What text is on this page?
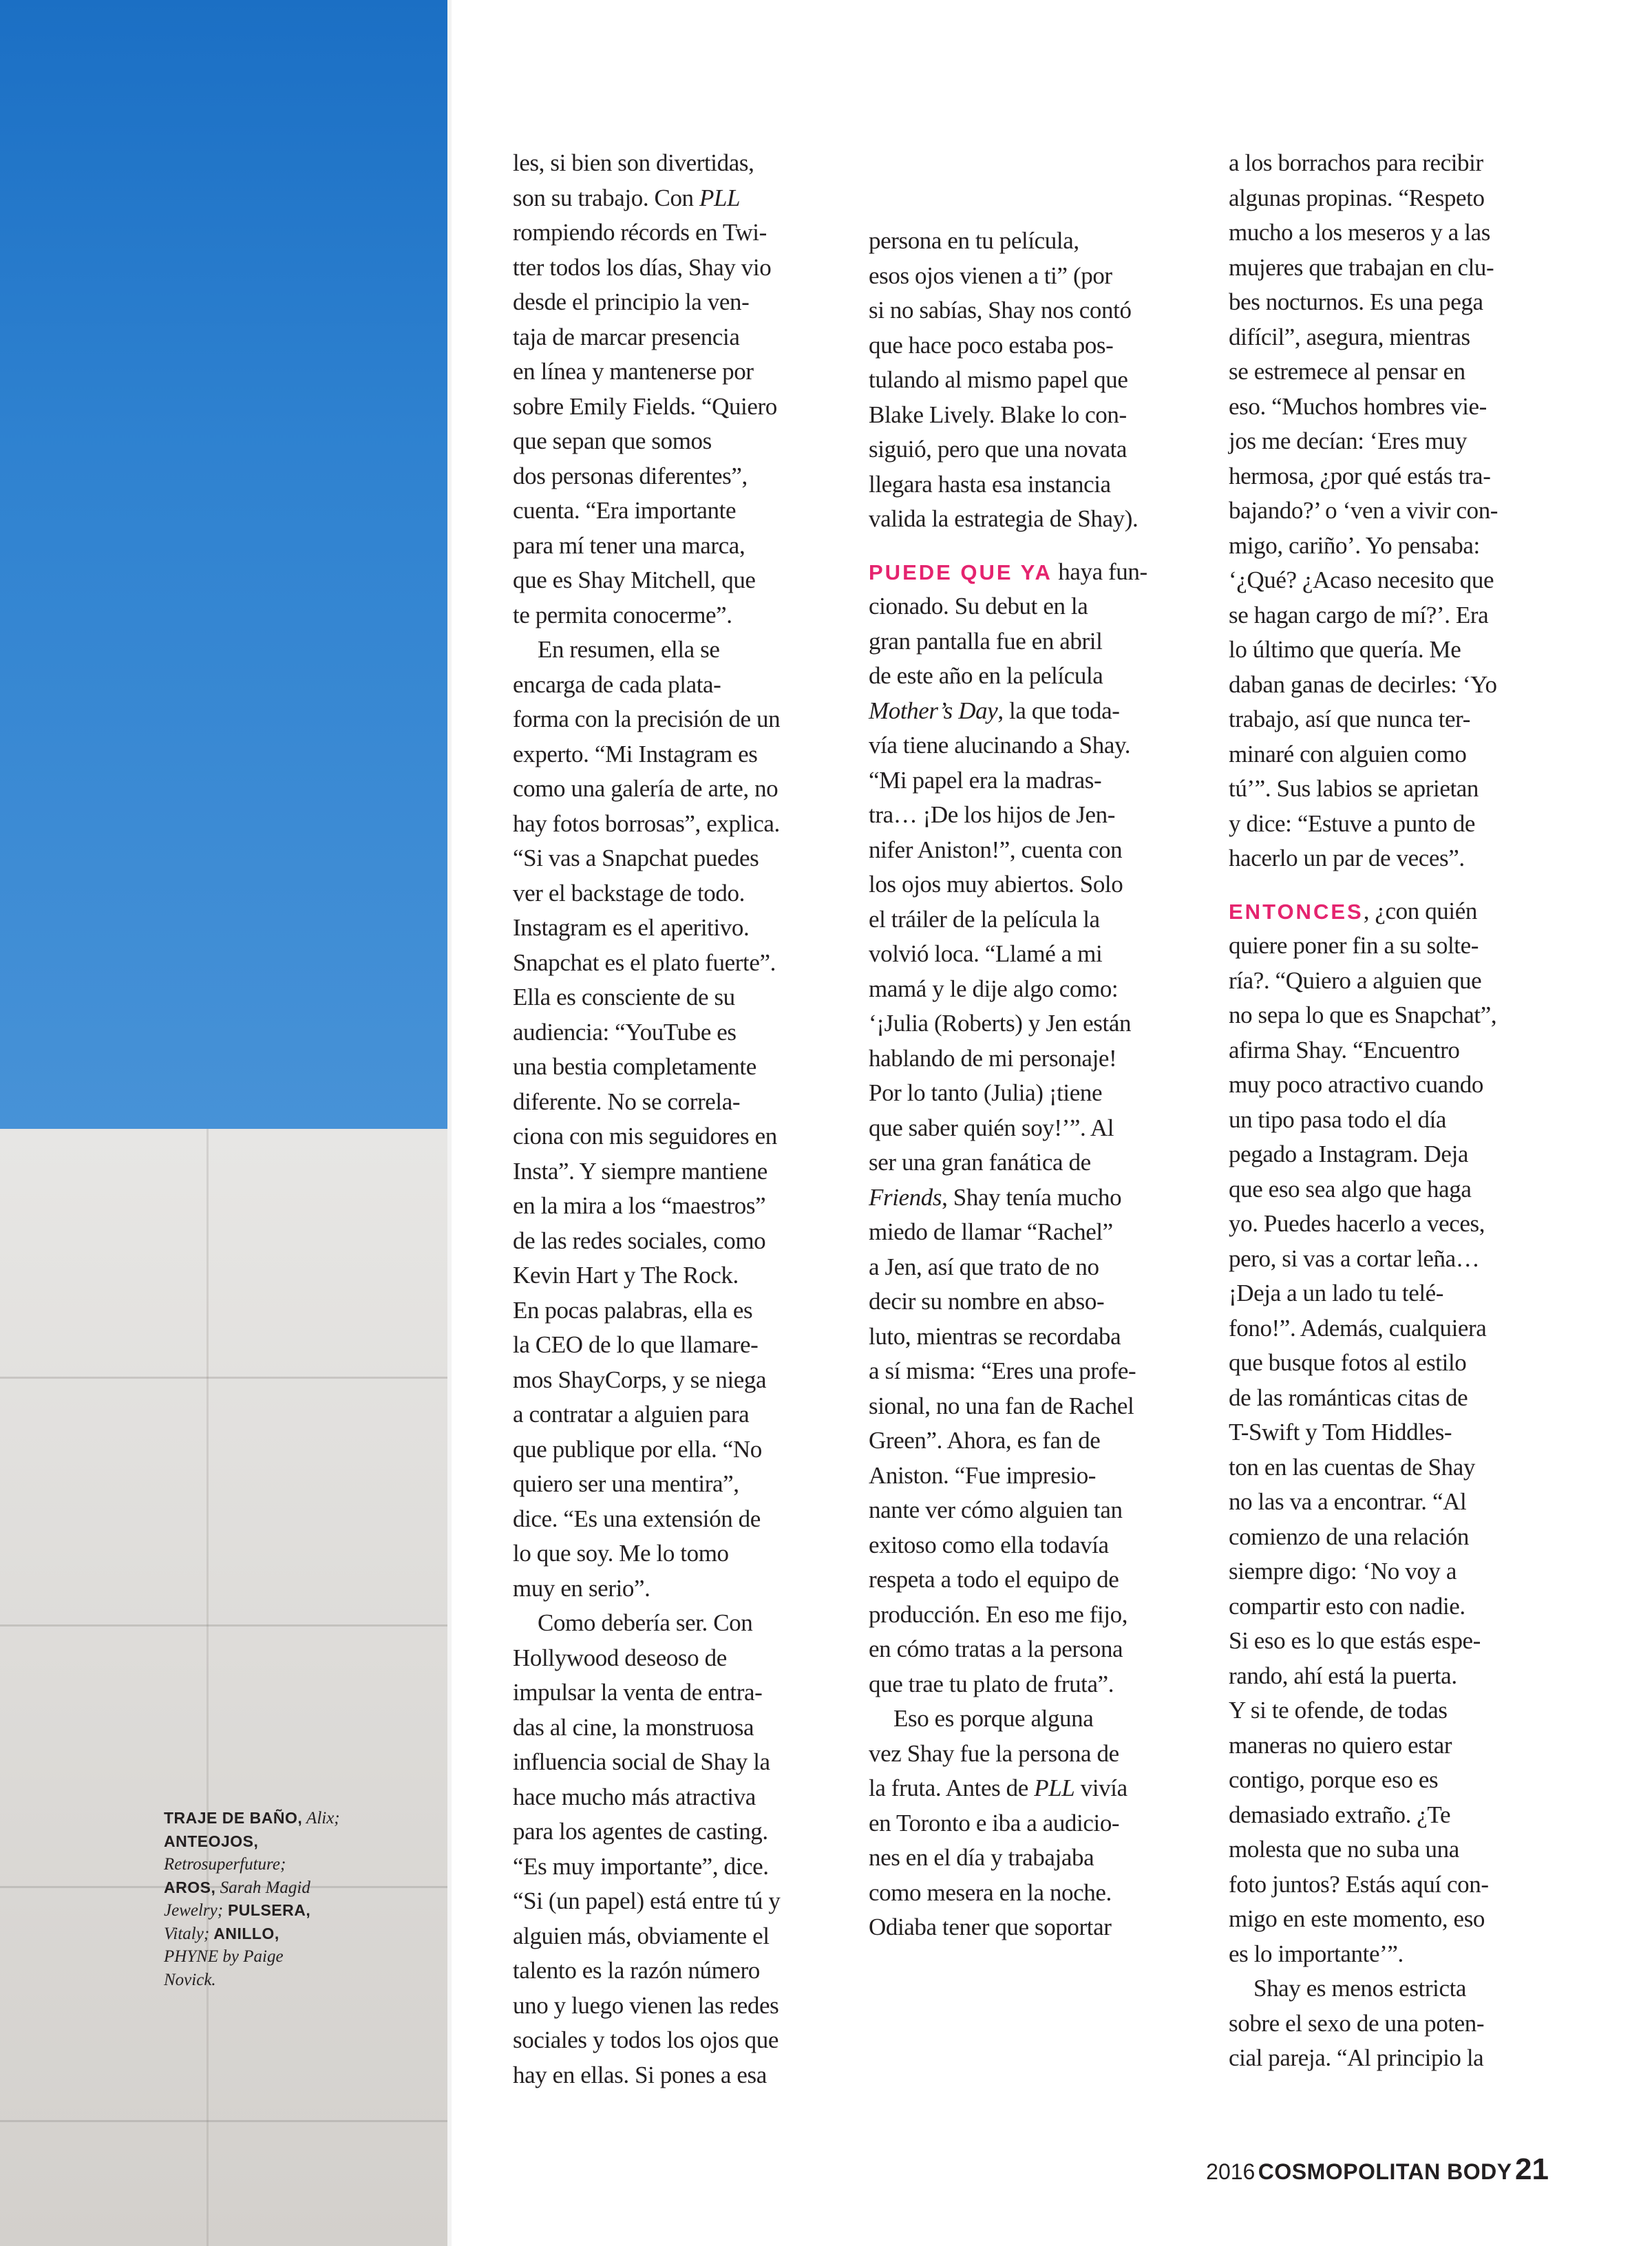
TRAJE DE BAÑO, Alix;
ANTEOJOS,
Retrosuperfuture;
AROS, Sarah Magid
Jewelry; PULSERA,
Vitaly; ANILLO,
PHYNE by Paige
Novick.
les, si bien son divertidas,
son su trabajo. Con PLL
rompiendo récords en Twi-
tter todos los días, Shay vio
desde el principio la ven-
taja de marcar presencia
en línea y mantenerse por
sobre Emily Fields. “Quiero
que sepan que somos
dos personas diferentes”,
cuenta. “Era importante
para mí tener una marca,
que es Shay Mitchell, que
te permita conocerme”.
En resumen, ella se
encarga de cada plata-
forma con la precisión de un
experto. “Mi Instagram es
como una galería de arte, no
hay fotos borrosas”, explica.
“Si vas a Snapchat puedes
ver el backstage de todo.
Instagram es el aperitivo.
Snapchat es el plato fuerte”.
Ella es consciente de su
audiencia: “YouTube es
una bestia completamente
diferente. No se correla-
ciona con mis seguidores en
Insta”. Y siempre mantiene
en la mira a los “maestros”
de las redes sociales, como
Kevin Hart y The Rock.
En pocas palabras, ella es
la CEO de lo que llamare-
mos ShayCorps, y se niega
a contratar a alguien para
que publique por ella. “No
quiero ser una mentira”,
dice. “Es una extensión de
lo que soy. Me lo tomo
muy en serio”.
Como debería ser. Con
Hollywood deseoso de
impulsar la venta de entra-
das al cine, la monstruosa
influencia social de Shay la
hace mucho más atractiva
para los agentes de casting.
“Es muy importante”, dice.
“Si (un papel) está entre tú y
alguien más, obviamente el
talento es la razón número
uno y luego vienen las redes
sociales y todos los ojos que
hay en ellas. Si pones a esa
persona en tu película,
esos ojos vienen a ti” (por
si no sabías, Shay nos contó
que hace poco estaba pos-
tulando al mismo papel que
Blake Lively. Blake lo con-
siguió, pero que una novata
llegara hasta esa instancia
valida la estrategia de Shay).
PUEDE QUE YA haya fun-
cionado. Su debut en la
gran pantalla fue en abril
de este año en la película
Mother’s Day, la que toda-
vía tiene alucinando a Shay.
“Mi papel era la madras-
tra… ¡De los hijos de Jen-
nifer Aniston!”, cuenta con
los ojos muy abiertos. Solo
el tráiler de la película la
volvió loca. “Llamé a mi
mamá y le dije algo como:
‘¡Julia (Roberts) y Jen están
hablando de mi personaje!
Por lo tanto (Julia) ¡tiene
que saber quién soy!’”. Al
ser una gran fanática de
Friends, Shay tenía mucho
miedo de llamar “Rachel”
a Jen, así que trato de no
decir su nombre en abso-
luto, mientras se recordaba
a sí misma: “Eres una profe-
sional, no una fan de Rachel
Green”. Ahora, es fan de
Aniston. “Fue impresio-
nante ver cómo alguien tan
exitoso como ella todavía
respeta a todo el equipo de
producción. En eso me fijo,
en cómo tratas a la persona
que trae tu plato de fruta”.
Eso es porque alguna
vez Shay fue la persona de
la fruta. Antes de PLL vivía
en Toronto e iba a audicio-
nes en el día y trabajaba
como mesera en la noche.
Odiaba tener que soportar
a los borrachos para recibir
algunas propinas. “Respeto
mucho a los meseros y a las
mujeres que trabajan en clu-
bes nocturnos. Es una pega
difícil”, asegura, mientras
se estremece al pensar en
eso. “Muchos hombres vie-
jos me decían: ‘Eres muy
hermosa, ¿por qué estás tra-
bajando?’ o ‘ven a vivir con-
migo, cariño’. Yo pensaba:
‘¿Qué? ¿Acaso necesito que
se hagan cargo de mí?’. Era
lo último que quería. Me
daban ganas de decirles: ‘Yo
trabajo, así que nunca ter-
minaré con alguien como
tú’”. Sus labios se aprietan
y dice: “Estuve a punto de
hacerlo un par de veces”.
ENTONCES, ¿con quién
quiere poner fin a su solte-
ría?. “Quiero a alguien que
no sepa lo que es Snapchat”,
afirma Shay. “Encuentro
muy poco atractivo cuando
un tipo pasa todo el día
pegado a Instagram. Deja
que eso sea algo que haga
yo. Puedes hacerlo a veces,
pero, si vas a cortar leña…
¡Deja a un lado tu telé-
fono!”. Además, cualquiera
que busque fotos al estilo
de las románticas citas de
T-Swift y Tom Hiddles-
ton en las cuentas de Shay
no las va a encontrar. “Al
comienzo de una relación
siempre digo: ‘No voy a
compartir esto con nadie.
Si eso es lo que estás espe-
rando, ahí está la puerta.
Y si te ofende, de todas
maneras no quiero estar
contigo, porque eso es
demasiado extraño. ¿Te
molesta que no suba una
foto juntos? Estás aquí con-
migo en este momento, eso
es lo importante’”.
Shay es menos estricta
sobre el sexo de una poten-
cial pareja. “Al principio la
2016 COSMOPOLITAN BODY 21
